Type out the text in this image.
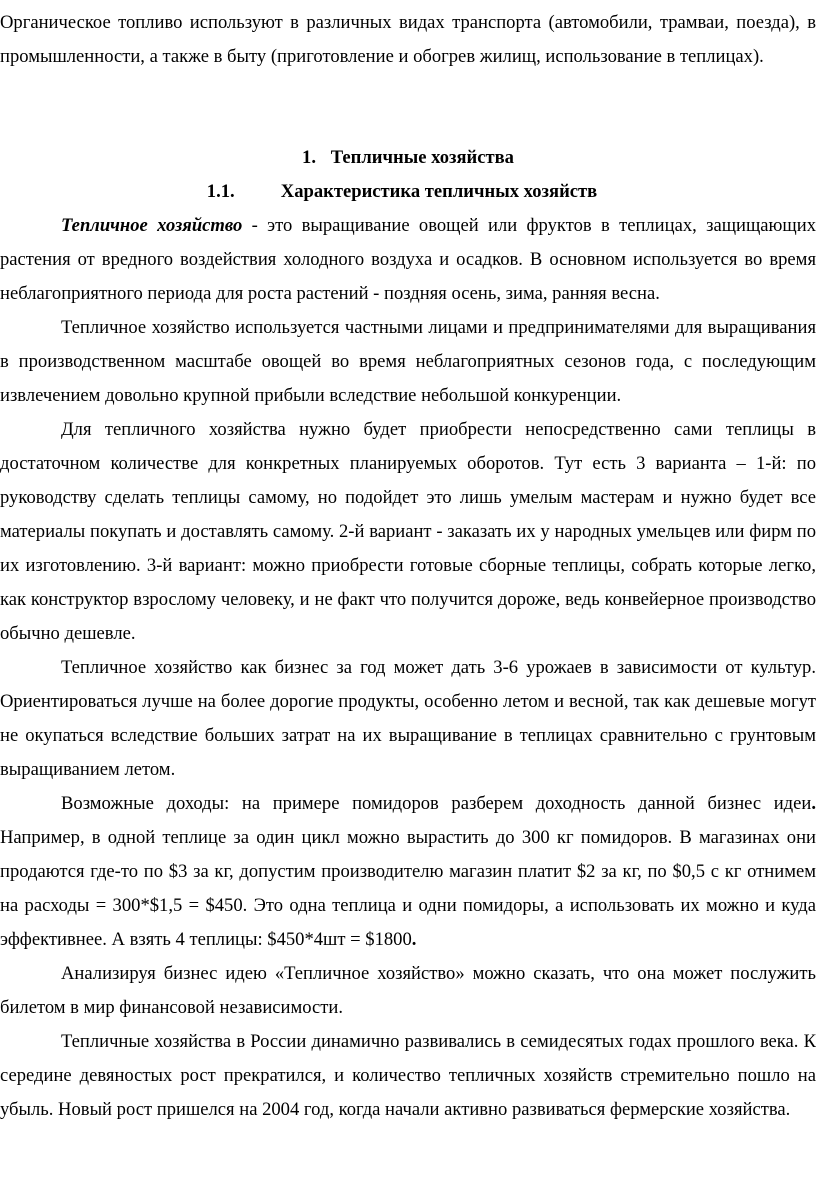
Органическое топливо используют в различных видах транспорта (автомобили, трамваи, поезда), в промышленности, а также в быту (приготовление и обогрев жилищ, использование в теплицах).

1. Тепличные хозяйства

1.1. Характеристика тепличных хозяйств

Тепличное хозяйство - это выращивание овощей или фруктов в теплицах, защищающих растения от вредного воздействия холодного воздуха и осадков. В основном используется во время неблагоприятного периода для роста растений - поздняя осень, зима, ранняя весна.

Тепличное хозяйство используется частными лицами и предпринимателями для выращивания в производственном масштабе овощей во время неблагоприятных сезонов года, с последующим извлечением довольно крупной прибыли вследствие небольшой конкуренции.

Для тепличного хозяйства нужно будет приобрести непосредственно сами теплицы в достаточном количестве для конкретных планируемых оборотов. Тут есть 3 варианта – 1-й: по руководству сделать теплицы самому, но подойдет это лишь умелым мастерам и нужно будет все материалы покупать и доставлять самому. 2-й вариант - заказать их у народных умельцев или фирм по их изготовлению. 3-й вариант: можно приобрести готовые сборные теплицы, собрать которые легко, как конструктор взрослому человеку, и не факт что получится дороже, ведь конвейерное производство обычно дешевле.

Тепличное хозяйство как бизнес за год может дать 3-6 урожаев в зависимости от культур. Ориентироваться лучше на более дорогие продукты, особенно летом и весной, так как дешевые могут не окупаться вследствие больших затрат на их выращивание в теплицах сравнительно с грунтовым выращиванием летом.

Возможные доходы: на примере помидоров разберем доходность данной бизнес идеи. Например, в одной теплице за один цикл можно вырастить до 300 кг помидоров. В магазинах они продаются где-то по $3 за кг, допустим производителю магазин платит $2 за кг, по $0,5 с кг отнимем на расходы = 300*$1,5 = $450. Это одна теплица и одни помидоры, а использовать их можно и куда эффективнее. А взять 4 теплицы: $450*4шт = $1800.

Анализируя бизнес идею «Тепличное хозяйство» можно сказать, что она может послужить билетом в мир финансовой независимости.

Тепличные хозяйства в России динамично развивались в семидесятых годах прошлого века. К середине девяностых рост прекратился, и количество тепличных хозяйств стремительно пошло на убыль. Новый рост пришелся на 2004 год, когда начали активно развиваться фермерские хозяйства.
